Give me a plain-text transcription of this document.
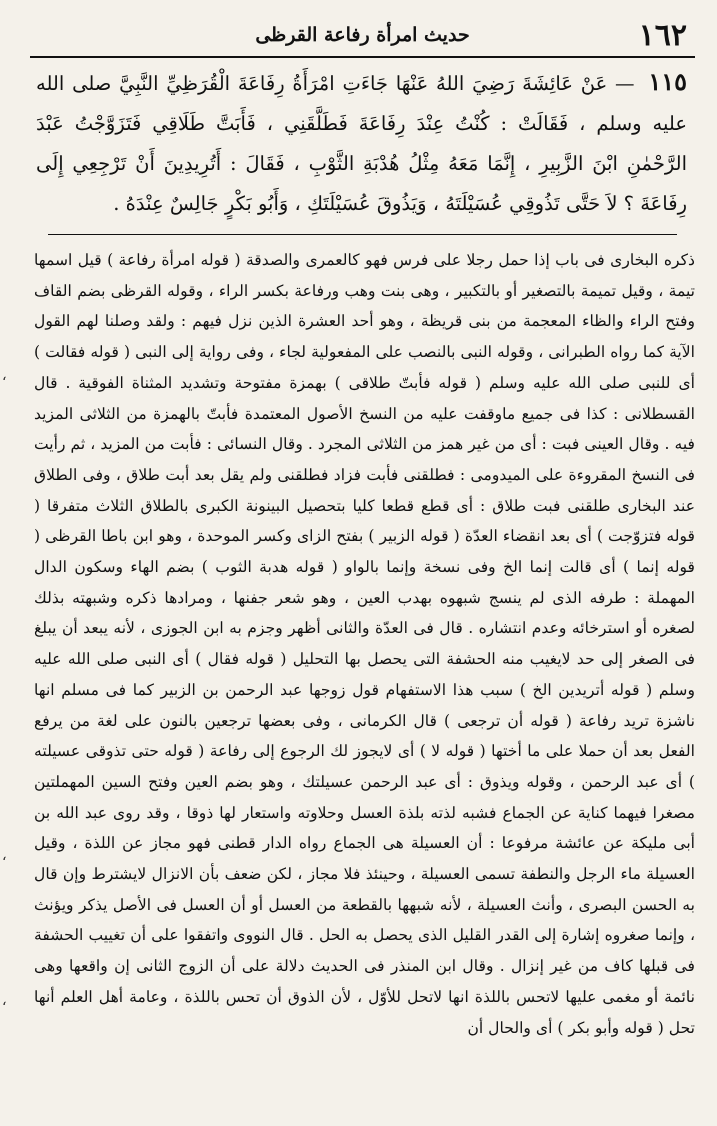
١٦٢
حديث امرأة رفاعة القرظى
١١٥ — عَنْ عَائِشَةَ رَضِيَ اللهُ عَنْهَا جَاءَتِ امْرَأَةُ رِفَاعَةَ الْقُرَظِيِّ النَّبِيَّ صلى الله عليه وسلم ، فَقَالَتْ : كُنْتُ عِنْدَ رِفَاعَةَ فَطَلَّقَنِي ، فَأَبَتَّ طَلَاقِي فَتَزَوَّجْتُ عَبْدَ الرَّحْمٰنِ ابْنَ الزَّبِيرِ ، إِنَّمَا مَعَهُ مِثْلُ هُدْبَةِ الثَّوْبِ ، فَقَالَ : أَتُرِيدِينَ أَنْ تَرْجِعِي إِلَى رِفَاعَةَ ؟ لاَ حَتَّى تَذُوقِي عُسَيْلَتَهُ ، وَيَذُوقَ عُسَيْلَتَكِ ، وَأَبُو بَكْرٍ جَالِسٌ عِنْدَهُ .
ذكره البخارى فى باب إذا حمل رجلا على فرس فهو كالعمرى والصدقة ( قوله امرأة رفاعة ) قيل اسمها تيمة ، وقيل تميمة بالتصغير أو بالتكبير ، وهى بنت وهب ورفاعة بكسر الراء ، وقوله القرظى بضم القاف وفتح الراء والظاء المعجمة من بنى قريظة ، وهو أحد العشرة الذين نزل فيهم : ولقد وصلنا لهم القول الآية كما رواه الطبرانى ، وقوله النبى بالنصب على المفعولية لجاء ، وفى رواية إلى النبى ( قوله فقالت ) أى للنبى صلى الله عليه وسلم ( قوله فأبتّ طلاقى ) بهمزة مفتوحة وتشديد المثناة الفوقية . قال القسطلانى : كذا فى جميع ماوقفت عليه من النسخ الأصول المعتمدة فأبتّ بالهمزة من الثلاثى المزيد فيه . وقال العينى فبت : أى من غير همز من الثلاثى المجرد . وقال النسائى : فأبت من المزيد ، ثم رأيت فى النسخ المقروءة على الميدومى : فطلقنى فأبت فزاد فطلقنى ولم يقل بعد أبت طلاق ، وفى الطلاق عند البخارى طلقنى فبت طلاق : أى قطع قطعا كليا بتحصيل البينونة الكبرى بالطلاق الثلاث متفرقا ( قوله فتزوّجت ) أى بعد انقضاء العدّة ( قوله الزبير ) بفتح الزاى وكسر الموحدة ، وهو ابن باطا القرظى ( قوله إنما ) أى قالت إنما الخ وفى نسخة وإنما بالواو ( قوله هدبة الثوب ) بضم الهاء وسكون الدال المهملة : طرفه الذى لم ينسج شبهوه بهدب العين ، وهو شعر جفنها ، ومرادها ذكره وشبهته بذلك لصغره أو استرخائه وعدم انتشاره . قال فى العدّة والثانى أظهر وجزم به ابن الجوزى ، لأنه يبعد أن يبلغ فى الصغر إلى حد لايغيب منه الحشفة التى يحصل بها التحليل ( قوله فقال ) أى النبى صلى الله عليه وسلم ( قوله أتريدين الخ ) سبب هذا الاستفهام قول زوجها عبد الرحمن بن الزبير كما فى مسلم انها ناشزة تريد رفاعة ( قوله أن ترجعى ) قال الكرمانى ، وفى بعضها ترجعين بالنون على لغة من يرفع الفعل بعد أن حملا على ما أختها ( قوله لا ) أى لايجوز لك الرجوع إلى رفاعة ( قوله حتى تذوقى عسيلته ) أى عبد الرحمن ، وقوله ويذوق : أى عبد الرحمن عسيلتك ، وهو بضم العين وفتح السين المهملتين مصغرا فيهما كناية عن الجماع فشبه لذته بلذة العسل وحلاوته واستعار لها ذوقا ، وقد روى عبد الله بن أبى مليكة عن عائشة مرفوعا : أن العسيلة هى الجماع رواه الدار قطنى فهو مجاز عن اللذة ، وقيل العسيلة ماء الرجل والنطفة تسمى العسيلة ، وحينئذ فلا مجاز ، لكن ضعف بأن الانزال لايشترط وإن قال به الحسن البصرى ، وأنث العسيلة ، لأنه شبهها بالقطعة من العسل أو أن العسل فى الأصل يذكر ويؤنث ، وإنما صغروه إشارة إلى القدر القليل الذى يحصل به الحل . قال النووى واتفقوا على أن تغييب الحشفة فى قبلها كاف من غير إنزال . وقال ابن المنذر فى الحديث دلالة على أن الزوج الثانى إن واقعها وهى نائمة أو مغمى عليها لاتحس باللذة انها لاتحل للأوّل ، لأن الذوق أن تحس باللذة ، وعامة أهل العلم أنها تحل ( قوله وأبو بكر ) أى والحال أن
ʻ
ʻ
ʻ
